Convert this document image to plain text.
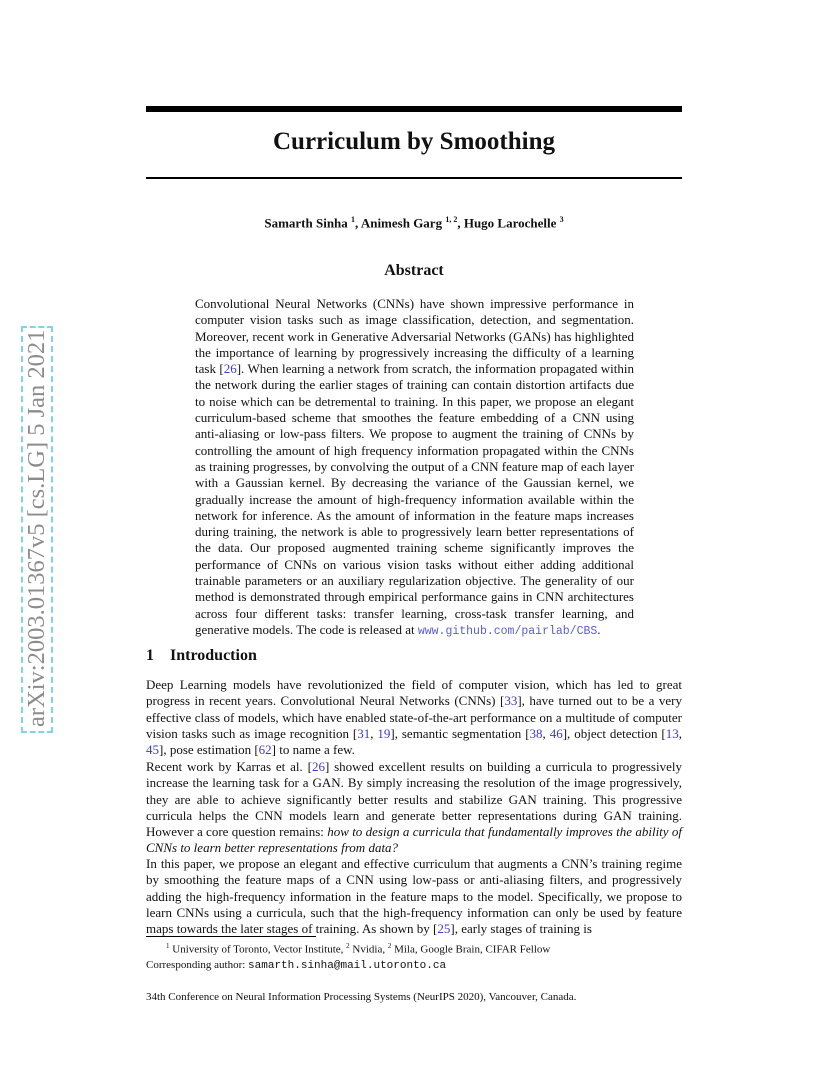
arXiv:2003.01367v5 [cs.LG] 5 Jan 2021
Curriculum by Smoothing
Samarth Sinha $^1$, Animesh Garg $^{1, 2}$, Hugo Larochelle $^3$
Abstract

Convolutional Neural Networks (CNNs) have shown impressive performance in computer vision tasks such as image classification, detection, and segmentation. Moreover, recent work in Generative Adversarial Networks (GANs) has highlighted the importance of learning by progressively increasing the difficulty of a learning task [26]. When learning a network from scratch, the information propagated within the network during the earlier stages of training can contain distortion artifacts due to noise which can be detremental to training. In this paper, we propose an elegant curriculum-based scheme that smoothes the feature embedding of a CNN using anti-aliasing or low-pass filters. We propose to augment the training of CNNs by controlling the amount of high frequency information propagated within the CNNs as training progresses, by convolving the output of a CNN feature map of each layer with a Gaussian kernel. By decreasing the variance of the Gaussian kernel, we gradually increase the amount of high-frequency information available within the network for inference. As the amount of information in the feature maps increases during training, the network is able to progressively learn better representations of the data. Our proposed augmented training scheme significantly improves the performance of CNNs on various vision tasks without either adding additional trainable parameters or an auxiliary regularization objective. The generality of our method is demonstrated through empirical performance gains in CNN architectures across four different tasks: transfer learning, cross-task transfer learning, and generative models. The code is released at www.github.com/pairlab/CBS.

1 Introduction

Deep Learning models have revolutionized the field of computer vision, which has led to great progress in recent years. Convolutional Neural Networks (CNNs) [33], have turned out to be a very effective class of models, which have enabled state-of-the-art performance on a multitude of computer vision tasks such as image recognition [31, 19], semantic segmentation [38, 46], object detection [13, 45], pose estimation [62] to name a few.

Recent work by Karras et al. [26] showed excellent results on building a curricula to progressively increase the learning task for a GAN. By simply increasing the resolution of the image progressively, they are able to achieve significantly better results and stabilize GAN training. This progressive curricula helps the CNN models learn and generate better representations during GAN training. However a core question remains: how to design a curricula that fundamentally improves the ability of CNNs to learn better representations from data?

In this paper, we propose an elegant and effective curriculum that augments a CNN’s training regime by smoothing the feature maps of a CNN using low-pass or anti-aliasing filters, and progressively adding the high-frequency information in the feature maps to the model. Specifically, we propose to learn CNNs using a curricula, such that the high-frequency information can only be used by feature maps towards the later stages of training. As shown by [25], early stages of training is

$^1$ University of Toronto, Vector Institute, $^2$ Nvidia, $^2$ Mila, Google Brain, CIFAR Fellow
Corresponding author: samarth.sinha@mail.utoronto.ca
34th Conference on Neural Information Processing Systems (NeurIPS 2020), Vancouver, Canada.
